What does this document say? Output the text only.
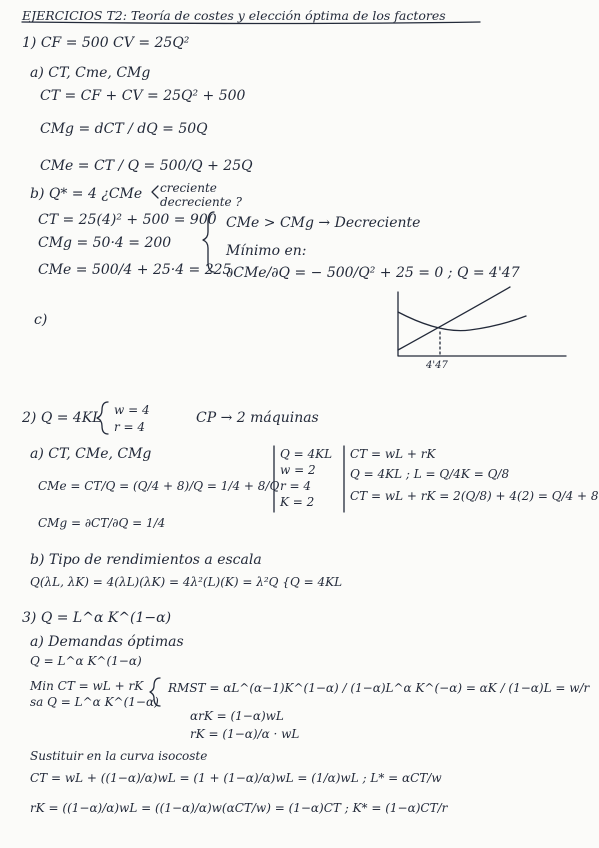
EJERCICIOS T2: Teoría de costes y elección óptima de los factores
1) CF = 500 CV = 25Q²
a) CT, Cme, CMg
CT = CF + CV = 25Q² + 500
CMg = dCT / dQ = 50Q
CMe = CT / Q = 500/Q + 25Q
b) Q* = 4 ¿CMe creciente
decreciente ?
CT = 25(4)² + 500 = 900
CMg = 50·4 = 200
CMe = 500/4 + 25·4 = 225
CMe > CMg → Decreciente
Mínimo en:
∂CMe/∂Q = − 500/Q² + 25 = 0 ; Q = 4'47
c)
4'47
2) Q = 4KL w = 4
r = 4
CP → 2 máquinas
a) CT, CMe, CMg
CMe = CT/Q = (Q/4 + 8)/Q = 1/4 + 8/Q
CMg = ∂CT/∂Q = 1/4
Q = 4KL
w = 2
r = 4
K = 2
CT = wL + rK
Q = 4KL ; L = Q/4K = Q/8
CT = wL + rK = 2(Q/8) + 4(2) = Q/4 + 8
b) Tipo de rendimientos a escala
Q(λL, λK) = 4(λL)(λK) = 4λ²(L)(K) = λ²Q {Q = 4KL
3) Q = L^α K^(1−α)
a) Demandas óptimas
Q = L^α K^(1−α)
Min CT = wL + rK
sa Q = L^α K^(1−α)
RMST = αL^(α−1)K^(1−α) / (1−α)L^α K^(−α) = αK / (1−α)L = w/r
αrK = (1−α)wL
rK = (1−α)/α · wL
Sustituir en la curva isocoste
CT = wL + ((1−α)/α)wL = (1 + (1−α)/α)wL = (1/α)wL ; L* = αCT/w
rK = ((1−α)/α)wL = ((1−α)/α)w(αCT/w) = (1−α)CT ; K* = (1−α)CT/r
